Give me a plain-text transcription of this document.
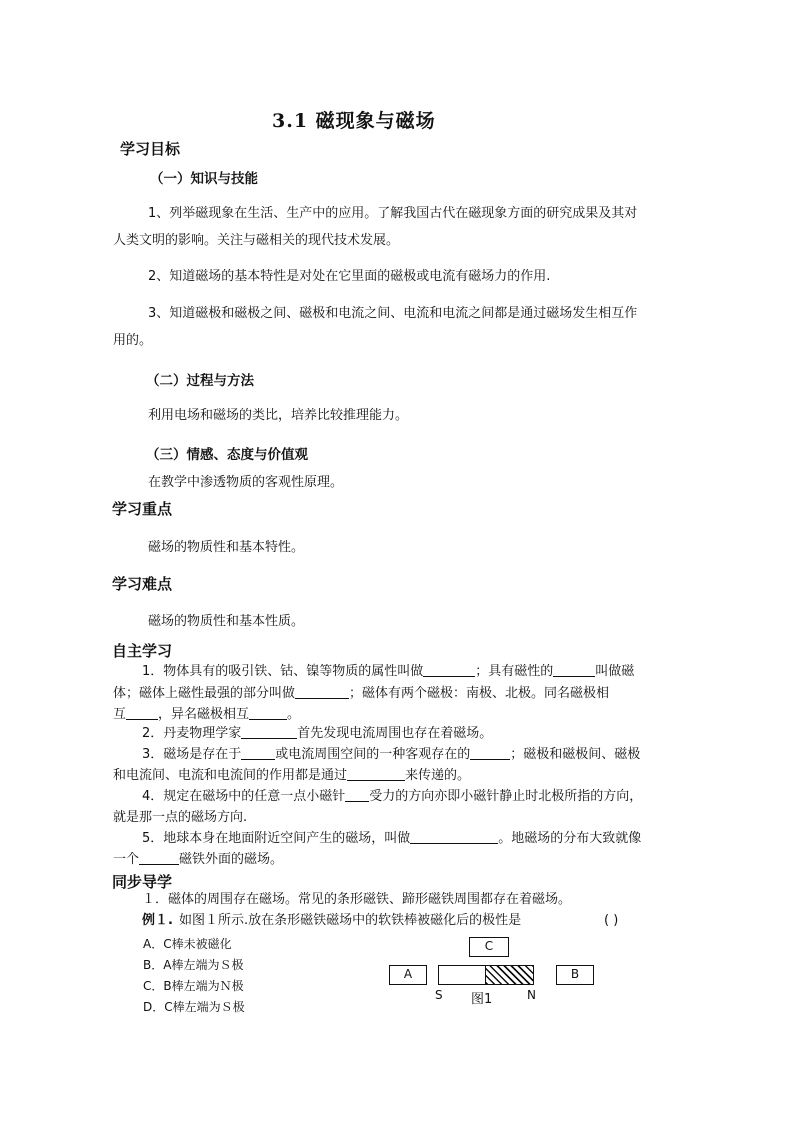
3.1 磁现象与磁场
学习目标
（一）知识与技能
1、列举磁现象在生活、生产中的应用。了解我国古代在磁现象方面的研究成果及其对
人类文明的影响。关注与磁相关的现代技术发展。
2、知道磁场的基本特性是对处在它里面的磁极或电流有磁场力的作用.
3、知道磁极和磁极之间、磁极和电流之间、电流和电流之间都是通过磁场发生相互作
用的。
（二）过程与方法
利用电场和磁场的类比，培养比较推理能力。
（三）情感、态度与价值观
在教学中渗透物质的客观性原理。
学习重点
磁场的物质性和基本特性。
学习难点
磁场的物质性和基本性质。
自主学习
1．物体具有的吸引铁、钴、镍等物质的属性叫做	；具有磁性的	叫做磁
体；磁体上磁性最强的部分叫做	；磁体有两个磁极：南极、北极。同名磁极相
互 ，异名磁极相互	。
2．丹麦物理学家	首先发现电流周围也存在着磁场。
3．磁场是存在于	或电流周围空间的一种客观存在的	；磁极和磁极间、磁极
和电流间、电流和电流间的作用都是通过	来传递的。
4．规定在磁场中的任意一点小磁针 受力的方向亦即小磁针静止时北极所指的方向，
就是那一点的磁场方向.
5．地球本身在地面附近空间产生的磁场，叫做	。地磁场的分布大致就像
一个	磁铁外面的磁场。
同步导学
１．磁体的周围存在磁场。常见的条形磁铁、蹄形磁铁周围都存在着磁场。
例１. 如图１所示.放在条形磁铁磁场中的软铁棒被磁化后的极性是	( )
A．C棒未被磁化
B．A棒左端为Ｓ极
C．B棒左端为Ｎ极
D．C棒左端为Ｓ极
C
A	B
S	N
图1
